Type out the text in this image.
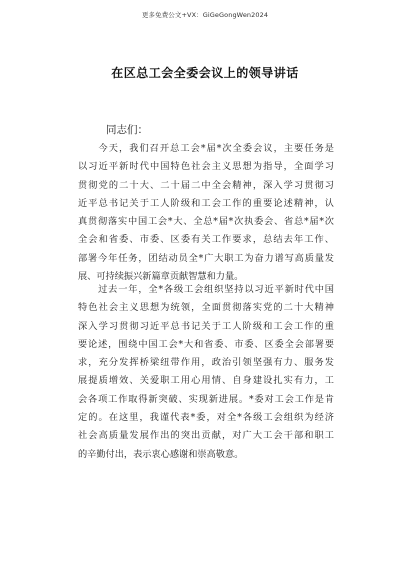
更多免费公文+VX：GiGeGongWen2024
在区总工会全委会议上的领导讲话
同志们：

　　今天，我们召开总工会*届*次全委会议，主要任务是
以习近平新时代中国特色社会主义思想为指导，全面学习
贯彻党的二十大、二十届二中全会精神，深入学习贯彻习
近平总书记关于工人阶级和工会工作的重要论述精神，认
真贯彻落实中国工会*大、全总*届*次执委会、省总*届*次
全会和省委、市委、区委有关工作要求，总结去年工作、
部署今年任务，团结动员全*广大职工为奋力谱写高质量发
展、可持续振兴新篇章贡献智慧和力量。

　　过去一年，全*各级工会组织坚持以习近平新时代中国
特色社会主义思想为统领，全面贯彻落实党的二十大精神
深入学习贯彻习近平总书记关于工人阶级和工会工作的重
要论述，围绕中国工会*大和省委、市委、区委全会部署要
求，充分发挥桥梁纽带作用，政治引领坚强有力、服务发
展提质增效、关爱职工用心用情、自身建设扎实有力，工
会各项工作取得新突破、实现新进展。*委对工会工作是肯
定的。在这里，我谨代表*委，对全*各级工会组织为经济
社会高质量发展作出的突出贡献，对广大工会干部和职工
的辛勤付出，表示衷心感谢和崇高敬意。
